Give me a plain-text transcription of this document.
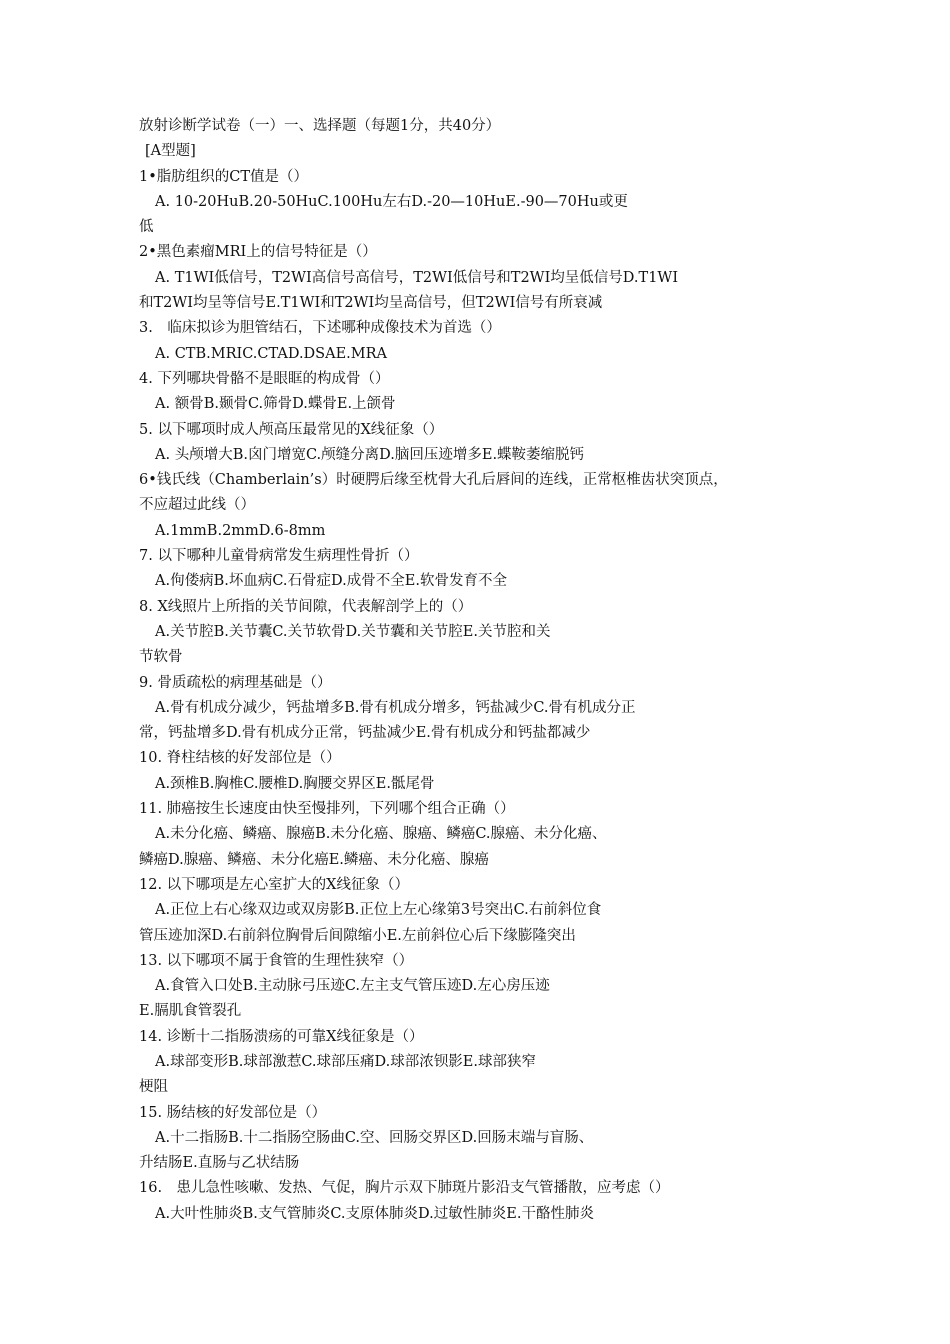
放射诊断学试卷（一）一、选择题（每题1分，共40分）
[A型题]
1•脂肪组织的CT值是（）
A. 10-20HuB.20-50HuC.100Hu左右D.-20—10HuE.-90—70Hu或更
低
2•黑色素瘤MRI上的信号特征是（）
A. T1WI低信号，T2WI高信号高信号，T2WI低信号和T2WI均呈低信号D.T1WI
和T2WI均呈等信号E.T1WI和T2WI均呈高信号，但T2WI信号有所衰减
3.　临床拟诊为胆管结石，下述哪种成像技术为首选（）
A. CTB.MRIC.CTAD.DSAE.MRA
4. 下列哪块骨骼不是眼眶的构成骨（）
A. 额骨B.颞骨C.筛骨D.蝶骨E.上颌骨
5. 以下哪项时成人颅高压最常见的X线征象（）
A. 头颅增大B.囟门增宽C.颅缝分离D.脑回压迹增多E.蝶鞍萎缩脱钙
6•钱氏线（Chamberlain’s）时硬腭后缘至枕骨大孔后唇间的连线，正常枢椎齿状突顶点，
不应超过此线（）
A.1mmB.2mmD.6-8mm
7. 以下哪种儿童骨病常发生病理性骨折（）
A.佝偻病B.坏血病C.石骨症D.成骨不全E.软骨发育不全
8. X线照片上所指的关节间隙，代表解剖学上的（）
A.关节腔B.关节囊C.关节软骨D.关节囊和关节腔E.关节腔和关
节软骨
9. 骨质疏松的病理基础是（）
A.骨有机成分减少，钙盐增多B.骨有机成分增多，钙盐减少C.骨有机成分正
常，钙盐增多D.骨有机成分正常，钙盐减少E.骨有机成分和钙盐都减少
10. 脊柱结核的好发部位是（）
A.颈椎B.胸椎C.腰椎D.胸腰交界区E.骶尾骨
11. 肺癌按生长速度由快至慢排列，下列哪个组合正确（）
A.未分化癌、鳞癌、腺癌B.未分化癌、腺癌、鳞癌C.腺癌、未分化癌、
鳞癌D.腺癌、鳞癌、未分化癌E.鳞癌、未分化癌、腺癌
12. 以下哪项是左心室扩大的X线征象（）
A.正位上右心缘双边或双房影B.正位上左心缘第3号突出C.右前斜位食
管压迹加深D.右前斜位胸骨后间隙缩小E.左前斜位心后下缘膨隆突出
13. 以下哪项不属于食管的生理性狭窄（）
A.食管入口处B.主动脉弓压迹C.左主支气管压迹D.左心房压迹
E.膈肌食管裂孔
14. 诊断十二指肠溃疡的可靠X线征象是（）
A.球部变形B.球部激惹C.球部压痛D.球部浓钡影E.球部狭窄
梗阻
15. 肠结核的好发部位是（）
A.十二指肠B.十二指肠空肠曲C.空、回肠交界区D.回肠末端与盲肠、
升结肠E.直肠与乙状结肠
16.　患儿急性咳嗽、发热、气促，胸片示双下肺斑片影沿支气管播散，应考虑（）
A.大叶性肺炎B.支气管肺炎C.支原体肺炎D.过敏性肺炎E.干酪性肺炎
